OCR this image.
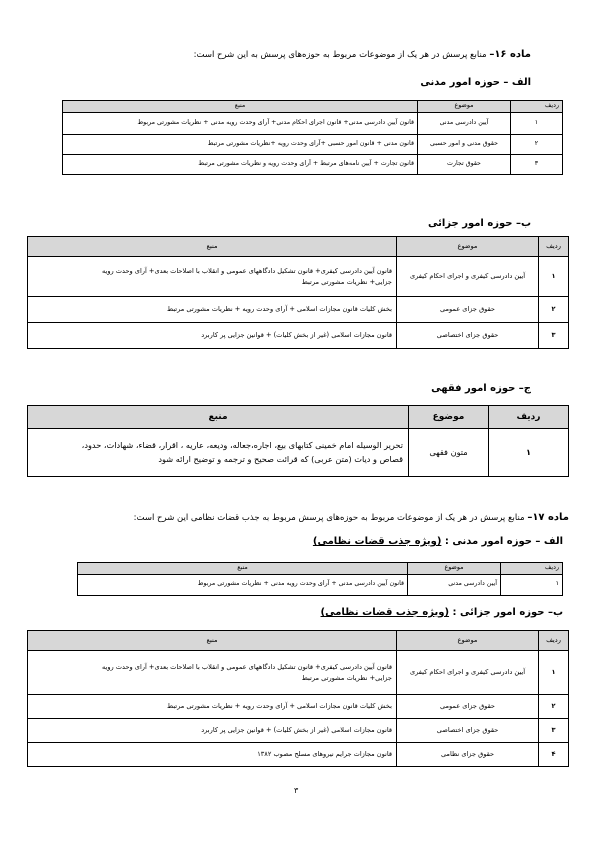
ماده ۱۶– منابع پرسش در هر یک از موضوعات مربوط به حوزه‌های پرسش به این شرح است:
الف – حوزه امور مدنی
ردیف	موضوع	منبع
۱	آیین دادرسی مدنی	قانون آیین دادرسی مدنی+ قانون اجرای احکام مدنی+ آرای وحدت رویه مدنی + نظریات مشورتی مربوط
۲	حقوق مدنی و امور حسبی	قانون مدنی + قانون امور حسبی +آرای وحدت رویه +نظریات مشورتی مرتبط
۳	حقوق تجارت	قانون تجارت + آیین نامه‌های مرتبط + آرای وحدت رویه و نظریات مشورتی مرتبط
ب– حوزه امور جزائی
ردیف	موضوع	منبع
۱	آیین دادرسی کیفری و اجرای احکام کیفری	قانون آیین دادرسی کیفری+ قانون تشکیل دادگاههای عمومی و انقلاب با اصلاحات بعدی+ آرای وحدت رویه
جزایی+ نظریات مشورتی مرتبط

۲	حقوق جزای عمومی	بخش کلیات قانون مجازات اسلامی + آرای وحدت رویه + نظریات مشورتی مرتبط
۳	حقوق جزای اختصاصی	قانون مجازات اسلامی (غیر از بخش کلیات) + قوانین جزایی پر کاربرد
ج– حوزه امور فقهی
ردیف	موضوع	منبع
۱	متون فقهی	تحریر الوسیله امام خمینی کتابهای بیع، اجاره،جعاله، ودیعه، عاریه ، اقرار، قضاء، شهادات، حدود،
قصاص و دیات (متن عربی) که قرائت صحیح و ترجمه و توضیح ارائه شود
ماده ۱۷– منابع پرسش در هر یک از موضوعات مربوط به حوزه‌های پرسش مربوط به جذب قضات نظامی این شرح است:
الف – حوزه امور مدنی : (ویژه جذب قضات نظامی)
ردیف	موضوع	منبع
۱	آیین دادرسی مدنی	قانون آیین دادرسی مدنی + آرای وحدت رویه مدنی + نظریات مشورتی مربوط
ب– حوزه امور جزائی : (ویژه جذب قضات نظامی)
ردیف	موضوع	منبع
۱	آیین دادرسی کیفری و اجرای احکام کیفری	قانون آیین دادرسی کیفری+ قانون تشکیل دادگاههای عمومی و انقلاب با اصلاحات بعدی+ آرای وحدت رویه
جزایی+ نظریات مشورتی مرتبط

۲	حقوق جزای عمومی	بخش کلیات قانون مجازات اسلامی + آرای وحدت رویه + نظریات مشورتی مرتبط
۳	حقوق جزای اختصاصی	قانون مجازات اسلامی (غیر از بخش کلیات) + قوانین جزایی پر کاربرد
۴	حقوق جزای نظامی	قانون مجازات جرایم نیروهای مسلح مصوب ۱۳۸۲
۳
